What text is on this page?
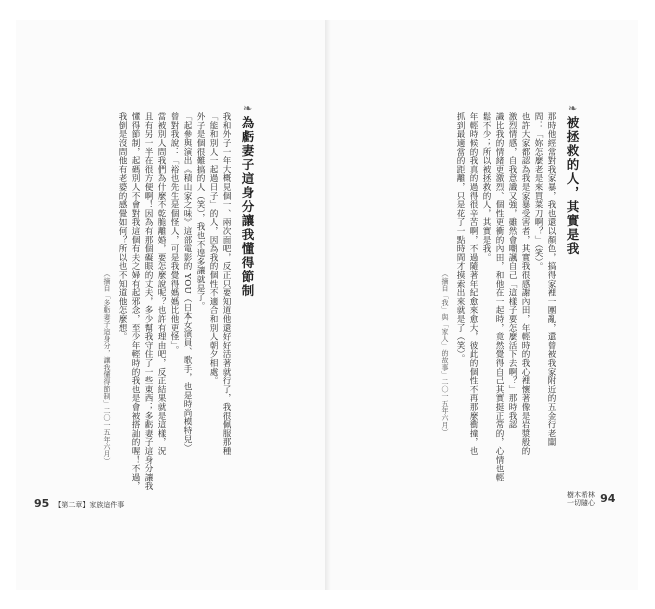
❧
被拯救的人，其實是我
那時他經常對我家暴，我也還以顏色，搞得家裡一團亂，還曾被我家附近的五金行老闆
問：「妳怎麼老是來買菜刀啊？」（笑）。
也許大家都認為我是家暴受害者，其實我很感謝內田，年輕時的我心裡懷著像是岩漿般的
激烈情感，自我意識又強，雖然會嘲諷自己「這樣子要怎麼活下去啊？」那時我認
識比我的情緒更激烈、個性更衝的內田，和他在一起時，竟然覺得自己其實挺正常的，心情也輕
鬆不少；所以被拯救的人，其實是我。
年輕時候的我真的過得很辛苦啊，不過隨著年紀愈來愈大，彼此的個性不再那麼衝撞，也
抓到最適當的距離，只是花了一點時間才摸索出來就是了（笑）。
（摘自「我」與「家人」的故事」二〇一五年六月）
❧
為虧妻子這身分讓我懂得節制
我和外子一年大概見個一、兩次面吧，反正只要知道他還好好活著就行了，我很佩服那種
「能和別人一起過日子」的人，因為我的個性不適合和別人朝夕相處。
外子是個很難搞的人（笑），我也不遑多讓就是了。
「起參與演出《積山家之味》這部電影的 YOU（日本女演員、歌手，也是時尚模特兒）
曾對我說：「裕也先生是個怪人，可是我覺得媽媽比他更怪」。
當被別人問我們為什麼不乾脆離婚，要怎麼說呢？也許有理由吧，反正結果就是這樣，況
且有另一半在很方便啊！因為有那個礙眼的丈夫，多少幫我守住了一些東西；多虧妻子這身分讓我
懂得節制，起碼別人不會對我這個有夫之婦有起邪念，至少年輕時的我也是會被搭訕的喔！不過，
我倒是沒問他有老婆的感覺如何？所以也不知道他怎麼想。
（摘自「多虧妻子這身分，讓我懂得節制」二〇一五年六月）
95 【第二章】家族這件事
樹木希林
一切隨心 94
